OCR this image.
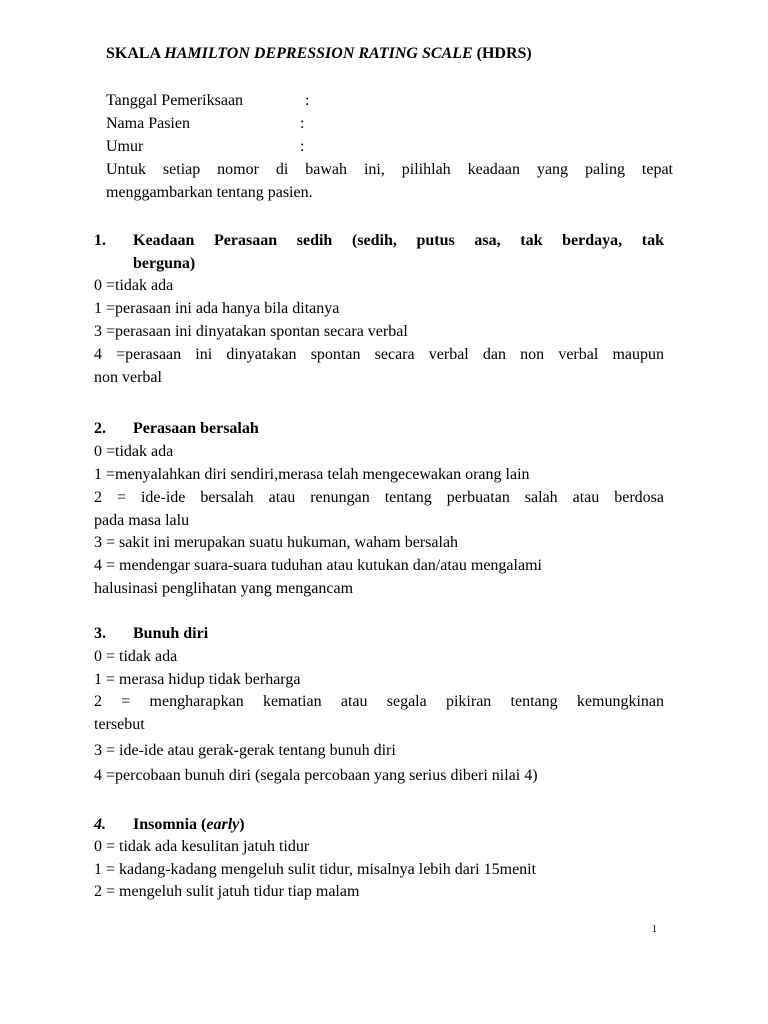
SKALA HAMILTON DEPRESSION RATING SCALE (HDRS)
Tanggal Pemeriksaan	:
Nama Pasien	:
Umur	:
Untuk setiap nomor di bawah ini, pilihlah keadaan yang paling tepat
menggambarkan tentang pasien.
1. Keadaan Perasaan sedih (sedih, putus asa, tak berdaya, tak
berguna)
0 =tidak ada
1 =perasaan ini ada hanya bila ditanya
3 =perasaan ini dinyatakan spontan secara verbal
4 =perasaan ini dinyatakan spontan secara verbal dan non verbal maupun
non verbal
2. Perasaan bersalah
0 =tidak ada
1 =menyalahkan diri sendiri,merasa telah mengecewakan orang lain
2 = ide-ide bersalah atau renungan tentang perbuatan salah atau berdosa
pada masa lalu
3 = sakit ini merupakan suatu hukuman, waham bersalah
4 = mendengar suara-suara tuduhan atau kutukan dan/atau mengalami
halusinasi penglihatan yang mengancam
3. Bunuh diri
0 = tidak ada
1 = merasa hidup tidak berharga
2 = mengharapkan kematian atau segala pikiran tentang kemungkinan
tersebut
3 = ide-ide atau gerak-gerak tentang bunuh diri
4 =percobaan bunuh diri (segala percobaan yang serius diberi nilai 4)
4. Insomnia (early)
0 = tidak ada kesulitan jatuh tidur
1 = kadang-kadang mengeluh sulit tidur, misalnya lebih dari 15menit
2 = mengeluh sulit jatuh tidur tiap malam
1
